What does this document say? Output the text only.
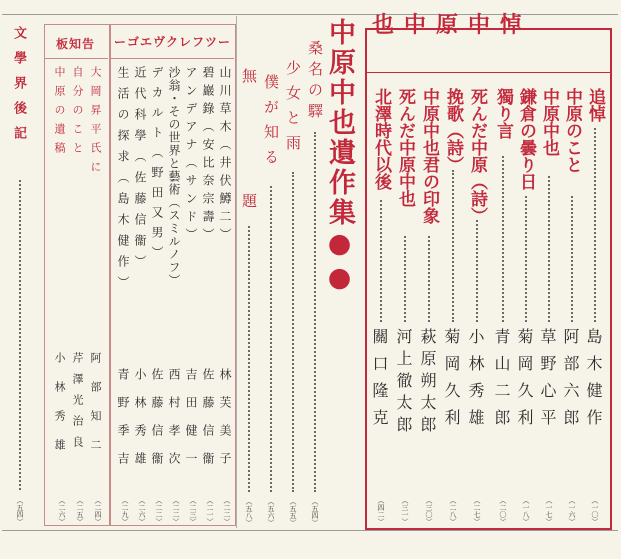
悼中原中也
追悼
島木健作
（一〇）
中原のこと
阿部六郎
（一六）
中原中也
草野心平
（一七）
鎌倉の曇り日
菊岡久利
（一八）
獨り言
青山二郎
（二〇）
死んだ中原（詩）
小林秀雄
（二七）
挽歌（詩）
菊岡久利
（二八）
中原中也君の印象
萩原朔太郎
（三〇）
死んだ中原中也
河上徹太郎
（三一）
北澤時代以後
關口隆克
（四二）
中原中也遺作集●●
桑名の驛
（五四）
少女と雨
（五五）
僕が知る
（五六）
無題
（五八）
ーツフレクヴエゴー
山川草木（井伏鱒二）
林芙美子
（二二）
碧巖錄（安比奈宗壽）
佐藤信衞
（二一）
アンデアナ（サンド）
吉田健一
（二三）
沙翁・その世界と藝術（スミルノフ）
西村孝次
（二二）
デカルト（野田又男）
佐藤信衞
（二二）
近代科學（佐藤信衞）
小林秀雄
（二六）
生活の探求（島木健作）
青野季吉
（二九）
告知板
大岡昇平氏に
阿部知二
（二四）
自分のこと
芹澤光治良
（二五）
中原の遺稿
小林秀雄
（二六）
文學界後記
（五四）
